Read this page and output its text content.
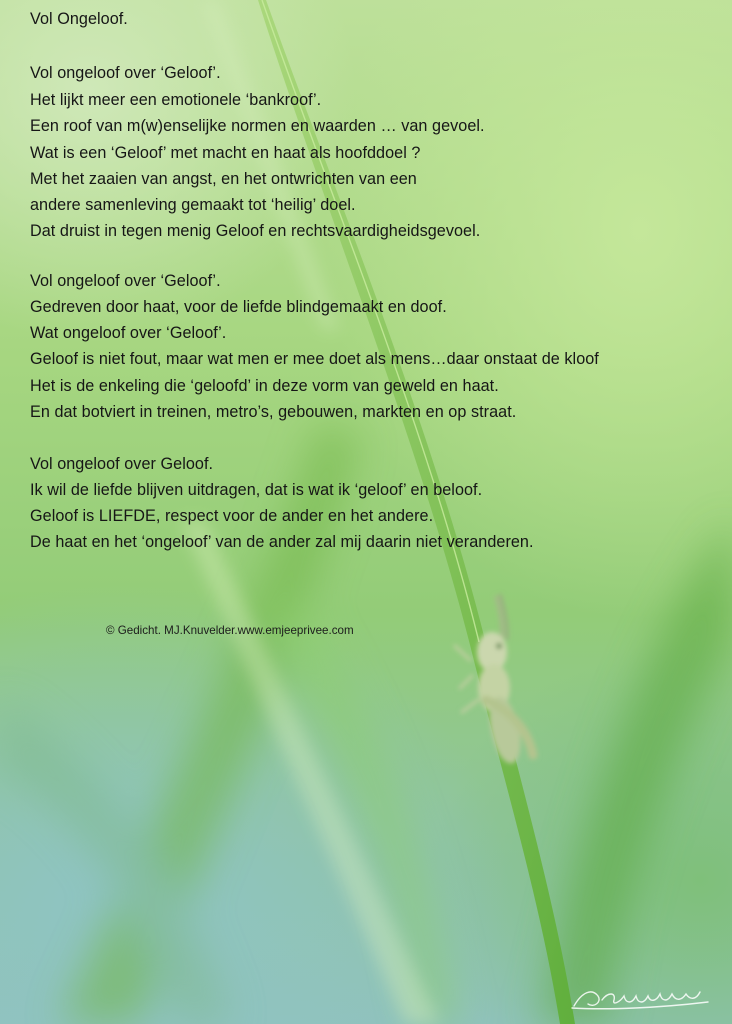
Vol Ongeloof.
Vol ongeloof over ‘Geloof’.
Het lijkt meer een emotionele ‘bankroof’.
Een roof van m(w)enselijke normen en waarden … van gevoel.
Wat is een ‘Geloof’ met macht en haat als hoofddoel ?
Met het zaaien van angst, en het ontwrichten van een
andere samenleving gemaakt tot ‘heilig’ doel.
Dat druist in tegen menig Geloof en rechtsvaardigheidsgevoel.
Vol ongeloof over ‘Geloof’.
Gedreven door haat, voor de liefde blindgemaakt en doof.
Wat ongeloof over ‘Geloof’.
Geloof is niet fout, maar wat men er mee doet als mens…daar onstaat de kloof
Het is de enkeling die ‘geloofd’ in deze vorm van geweld en haat.
En dat botviert in treinen, metro’s, gebouwen, markten en op straat.
Vol ongeloof over Geloof.
Ik wil de liefde blijven uitdragen, dat is wat ik ‘geloof’ en beloof.
Geloof is LIEFDE, respect voor de ander en het andere.
De haat en het ‘ongeloof’ van de ander zal mij daarin niet veranderen.
© Gedicht. MJ.Knuvelder.www.emjeeprivee.com
